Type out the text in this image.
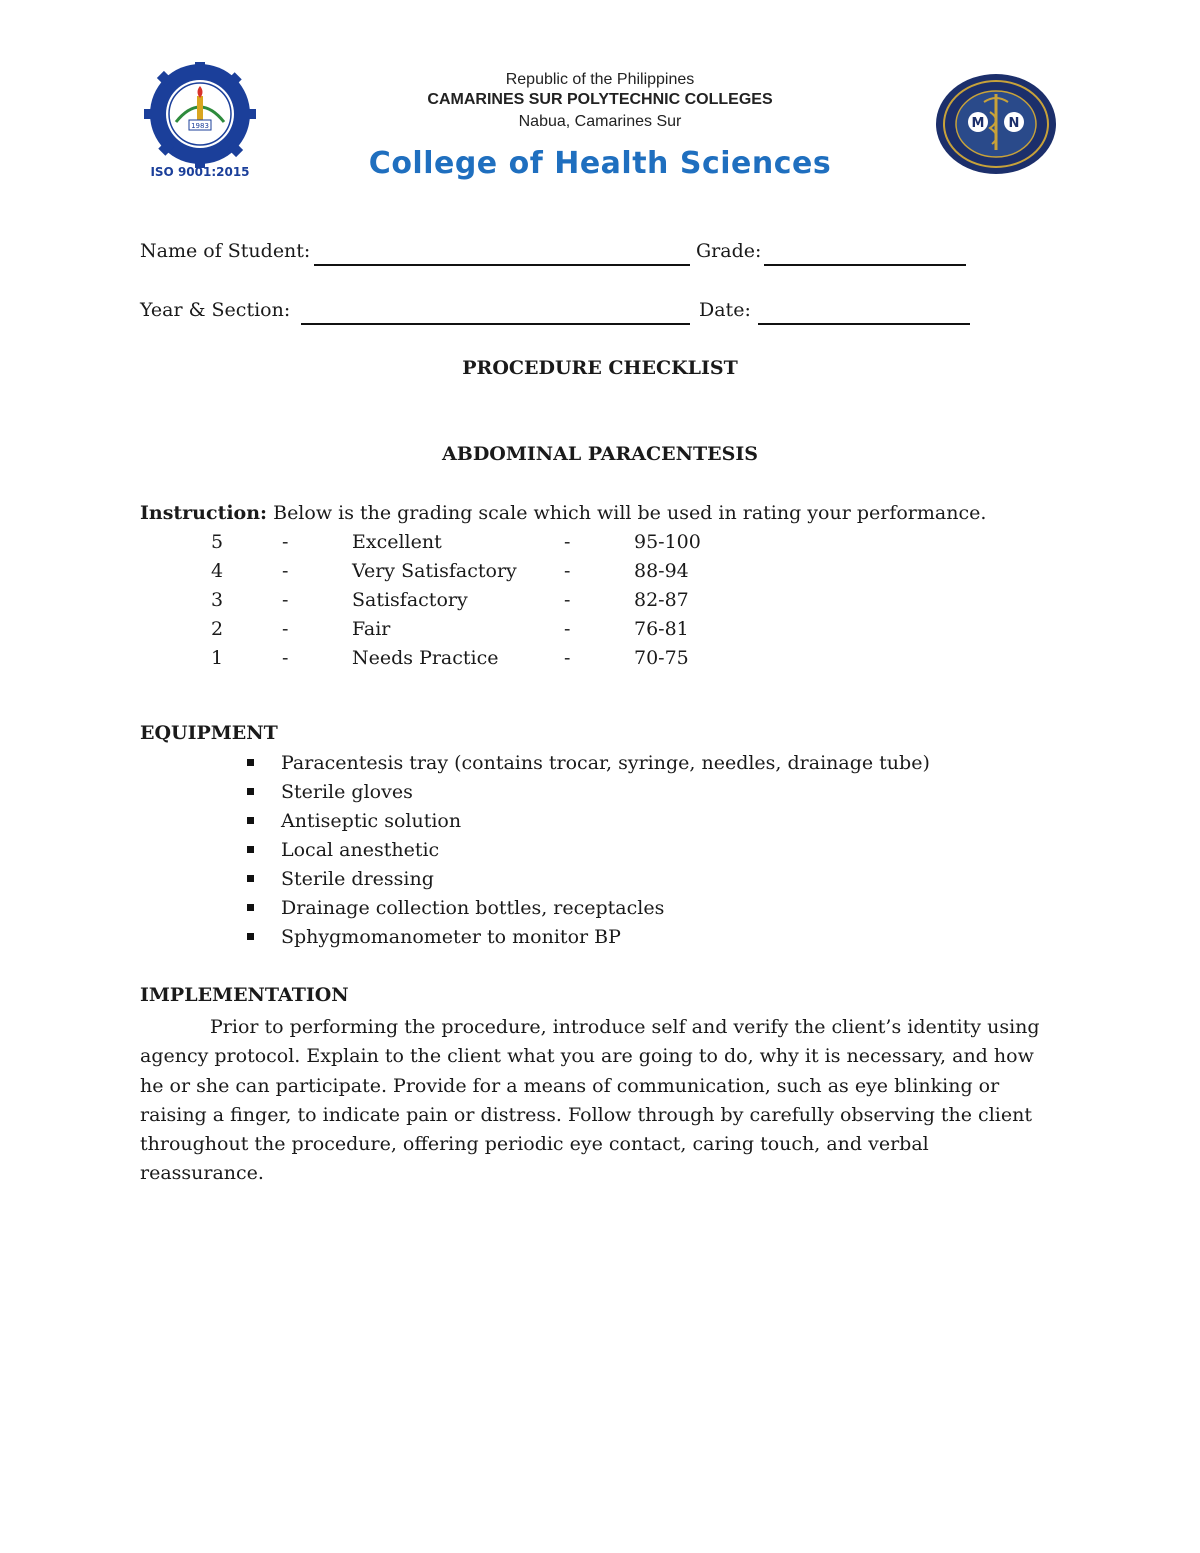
1983
ISO 9001:2015
Republic of the Philippines
CAMARINES SUR POLYTECHNIC COLLEGES
Nabua, Camarines Sur
College of Health Sciences
M N
Name of Student:	Grade:
Year & Section:	Date:
PROCEDURE CHECKLIST
ABDOMINAL PARACENTESIS
Instruction: Below is the grading scale which will be used in rating your performance.
5	-	Excellent	-	95-100
4	-	Very Satisfactory -	88-94
3	-	Satisfactory	-	82-87
2	-	Fair	-	76-81
1	-	Needs Practice	-	70-75
EQUIPMENT
Paracentesis tray (contains trocar, syringe, needles, drainage tube)
Sterile gloves
Antiseptic solution
Local anesthetic
Sterile dressing
Drainage collection bottles, receptacles
Sphygmomanometer to monitor BP
IMPLEMENTATION
Prior to performing the procedure, introduce self and verify the client’s identity using agency protocol. Explain to the client what you are going to do, why it is necessary, and how he or she can participate. Provide for a means of communication, such as eye blinking or raising a finger, to indicate pain or distress. Follow through by carefully observing the client throughout the procedure, offering periodic eye contact, caring touch, and verbal reassurance.
